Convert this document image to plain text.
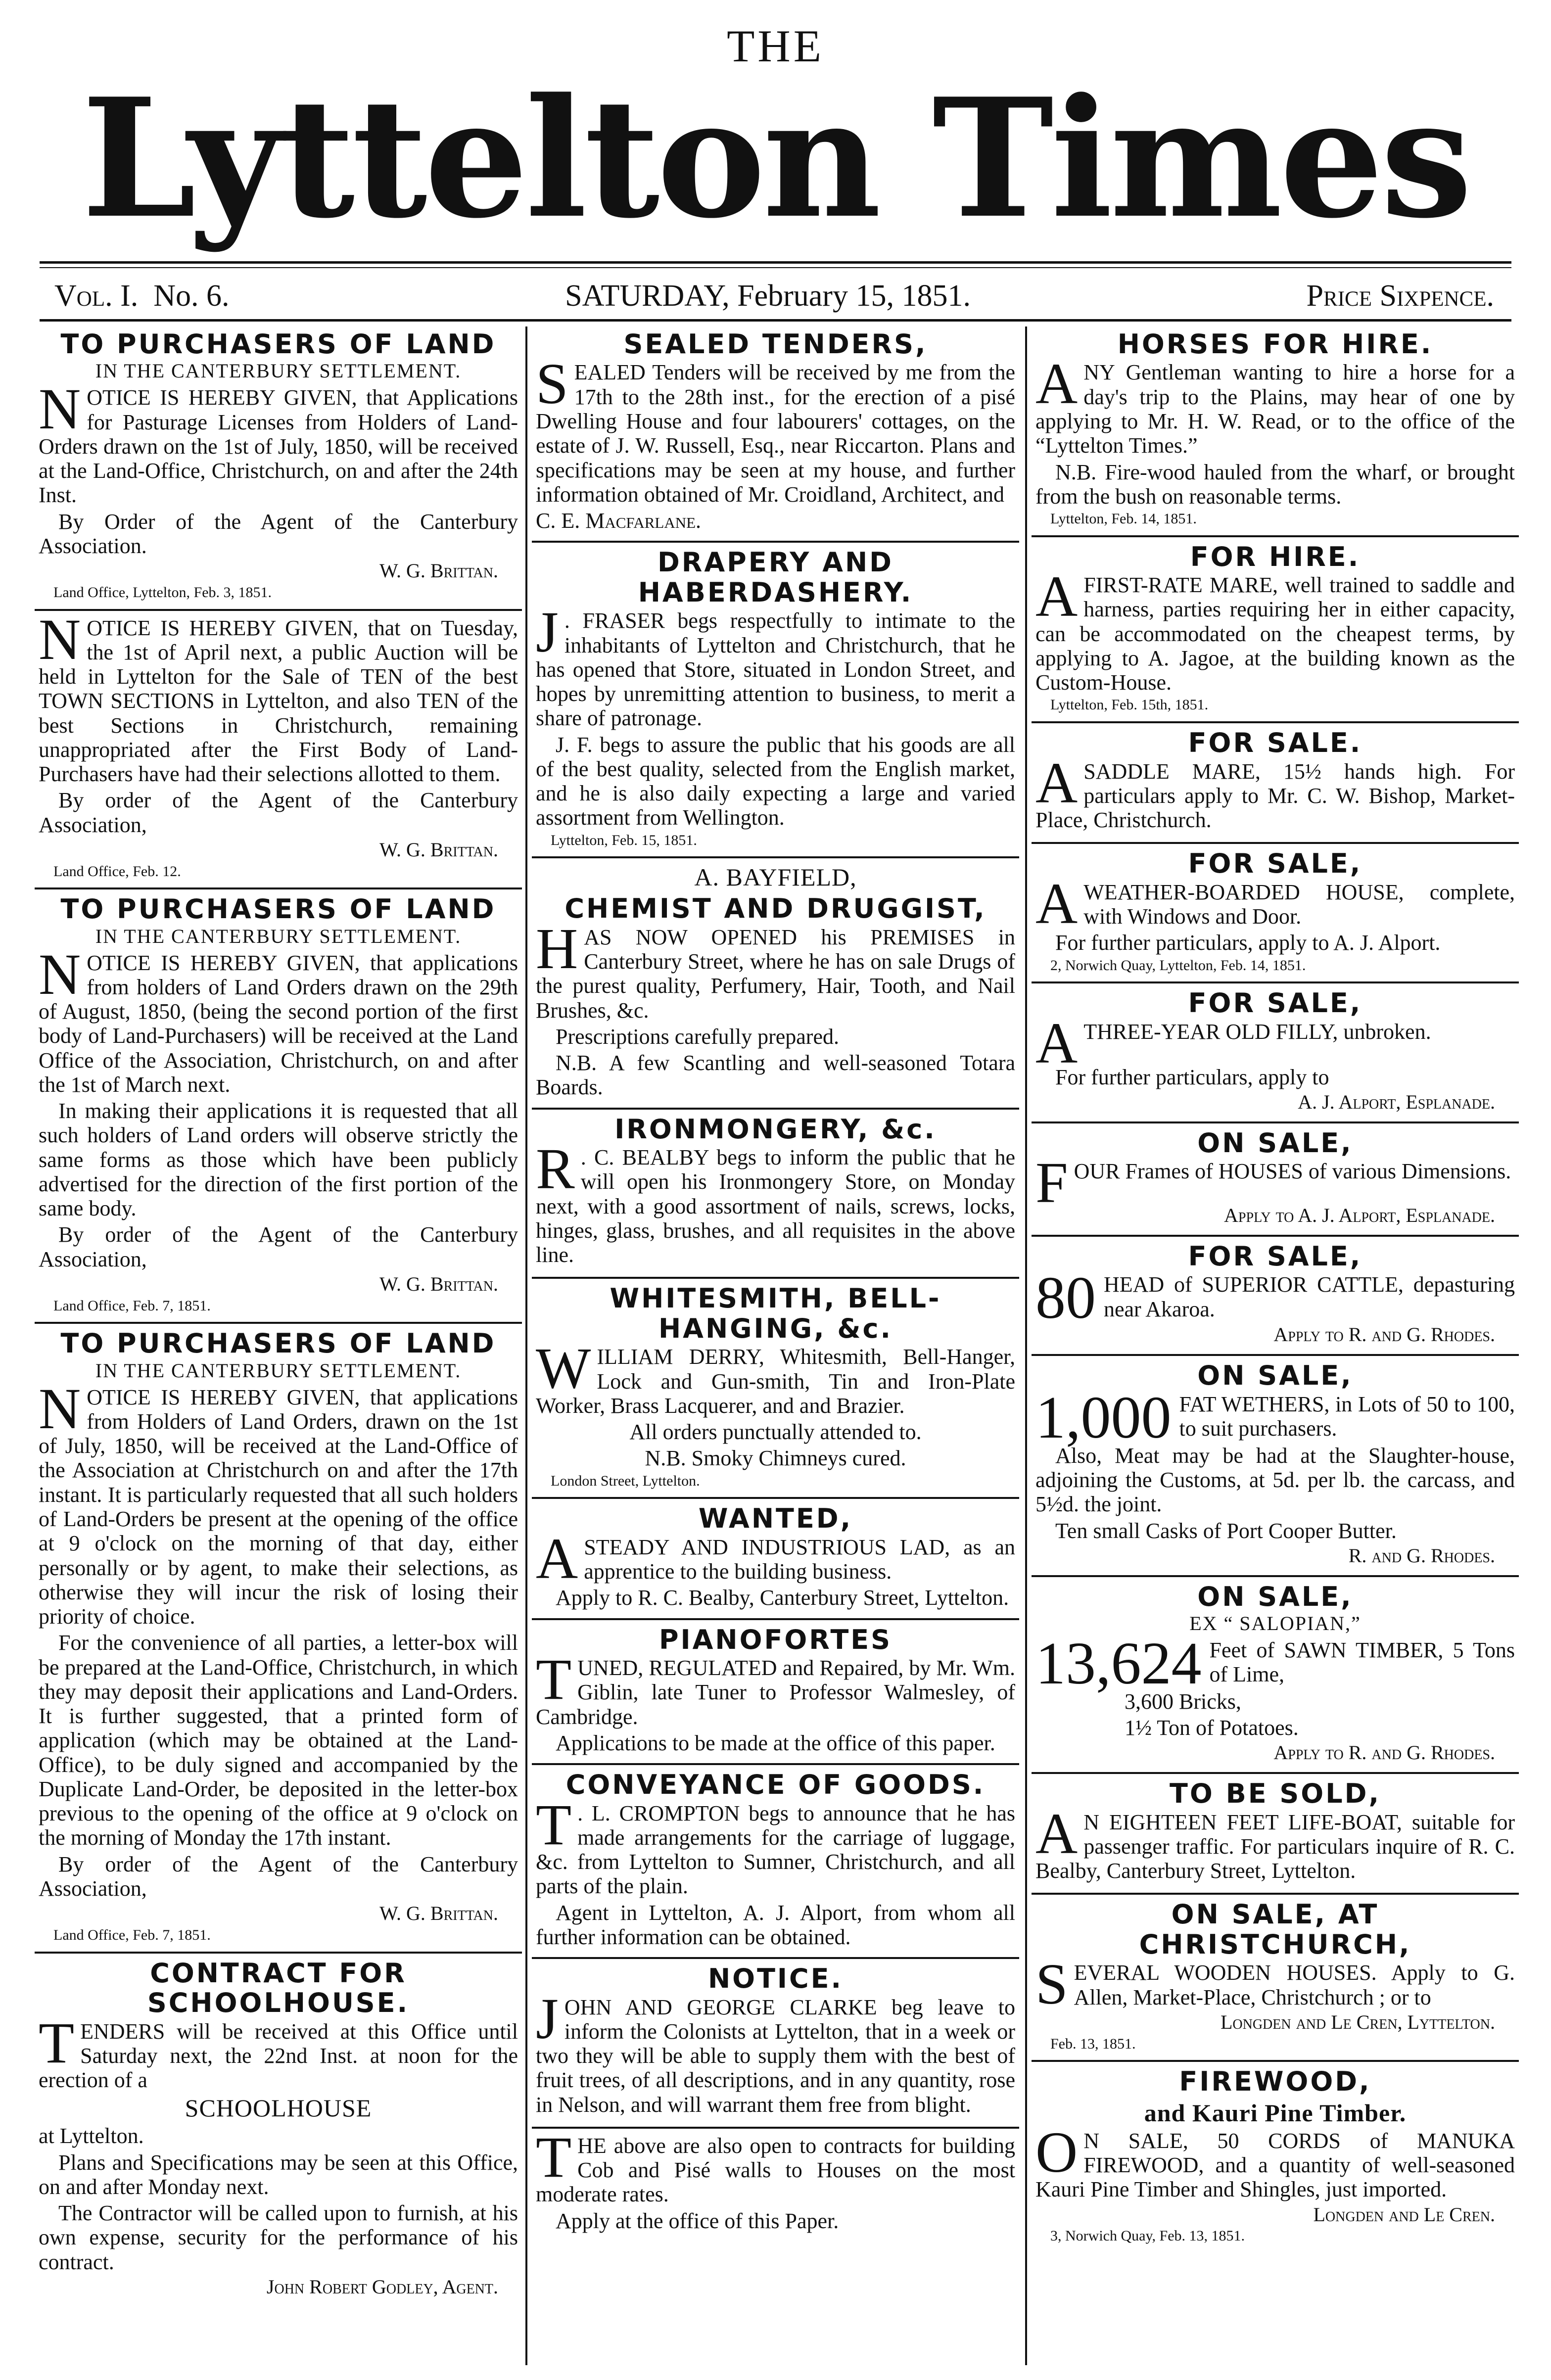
THE
Lyttelton Times
Vol. I. No. 6.	SATURDAY, February 15, 1851.	Price Sixpence.
TO PURCHASERS OF LAND
IN THE CANTERBURY SETTLEMENT.

NOTICE IS HEREBY GIVEN, that Applications for Pasturage Licenses from Holders of Land-Orders drawn on the 1st of July, 1850, will be received at the Land-Office, Christchurch, on and after the 24th Inst.

By Order of the Agent of the Canterbury Association.

W. G. Brittan.
Land Office, Lyttelton, Feb. 3, 1851.

NOTICE IS HEREBY GIVEN, that on Tuesday, the 1st of April next, a public Auction will be held in Lyttelton for the Sale of TEN of the best TOWN SECTIONS in Lyttelton, and also TEN of the best Sections in Christchurch, remaining unappropriated after the First Body of Land-Purchasers have had their selections allotted to them.

By order of the Agent of the Canterbury Association,

W. G. Brittan.
Land Office, Feb. 12.
TO PURCHASERS OF LAND
IN THE CANTERBURY SETTLEMENT.

NOTICE IS HEREBY GIVEN, that applications from holders of Land Orders drawn on the 29th of August, 1850, (being the second portion of the first body of Land-Purchasers) will be received at the Land Office of the Association, Christchurch, on and after the 1st of March next.

In making their applications it is requested that all such holders of Land orders will observe strictly the same forms as those which have been publicly advertised for the direction of the first portion of the same body.

By order of the Agent of the Canterbury Association,

W. G. Brittan.
Land Office, Feb. 7, 1851.
TO PURCHASERS OF LAND
IN THE CANTERBURY SETTLEMENT.

NOTICE IS HEREBY GIVEN, that applications from Holders of Land Orders, drawn on the 1st of July, 1850, will be received at the Land-Office of the Association at Christchurch on and after the 17th instant. It is particularly requested that all such holders of Land-Orders be present at the opening of the office at 9 o'clock on the morning of that day, either personally or by agent, to make their selections, as otherwise they will incur the risk of losing their priority of choice.

For the convenience of all parties, a letter-box will be prepared at the Land-Office, Christchurch, in which they may deposit their applications and Land-Orders. It is further suggested, that a printed form of application (which may be obtained at the Land-Office), to be duly signed and accompanied by the Duplicate Land-Order, be deposited in the letter-box previous to the opening of the office at 9 o'clock on the morning of Monday the 17th instant.

By order of the Agent of the Canterbury Association,

W. G. Brittan.
Land Office, Feb. 7, 1851.
CONTRACT FOR SCHOOLHOUSE.

TENDERS will be received at this Office until Saturday next, the 22nd Inst. at noon for the erection of a

SCHOOLHOUSE

at Lyttelton.

Plans and Specifications may be seen at this Office, on and after Monday next.

The Contractor will be called upon to furnish, at his own expense, security for the performance of his contract.

John Robert Godley, Agent.
SEALED TENDERS,

SEALED Tenders will be received by me from the 17th to the 28th inst., for the erection of a pisé Dwelling House and four labourers' cottages, on the estate of J. W. Russell, Esq., near Riccarton. Plans and specifications may be seen at my house, and further information obtained of Mr. Croidland, Architect, and

C. E. Macfarlane.
DRAPERY AND HABERDASHERY.

J . FRASER begs respectfully to intimate to the inhabitants of Lyttelton and Christchurch, that he has opened that Store, situated in London Street, and hopes by unremitting attention to business, to merit a share of patronage.

J. F. begs to assure the public that his goods are all of the best quality, selected from the English market, and he is also daily expecting a large and varied assortment from Wellington.

Lyttelton, Feb. 15, 1851.
A. BAYFIELD,
CHEMIST AND DRUGGIST,

HAS NOW OPENED his PREMISES in Canterbury Street, where he has on sale Drugs of the purest quality, Perfumery, Hair, Tooth, and Nail Brushes, &c.

Prescriptions carefully prepared.

N.B. A few Scantling and well-seasoned Totara Boards.

IRONMONGERY, &c.

R . C. BEALBY begs to inform the public that he will open his Ironmongery Store, on Monday next, with a good assortment of nails, screws, locks, hinges, glass, brushes, and all requisites in the above line.

WHITESMITH, BELL-HANGING, &c.

WILLIAM DERRY, Whitesmith, Bell-Hanger, Lock and Gun-smith, Tin and Iron-Plate Worker, Brass Lacquerer, and and Brazier.

All orders punctually attended to.

N.B. Smoky Chimneys cured.

London Street, Lyttelton.
WANTED,

ASTEADY AND INDUSTRIOUS LAD, as an apprentice to the building business.

Apply to R. C. Bealby, Canterbury Street, Lyttelton.

PIANOFORTES

TUNED, REGULATED and Repaired, by Mr. Wm. Giblin, late Tuner to Professor Walmesley, of Cambridge.

Applications to be made at the office of this paper.

CONVEYANCE OF GOODS.

T . L. CROMPTON begs to announce that he has made arrangements for the carriage of luggage, &c. from Lyttelton to Sumner, Christchurch, and all parts of the plain.

Agent in Lyttelton, A. J. Alport, from whom all further information can be obtained.

NOTICE.

JOHN AND GEORGE CLARKE beg leave to inform the Colonists at Lyttelton, that in a week or two they will be able to supply them with the best of fruit trees, of all descriptions, and in any quantity, rose in Nelson, and will warrant them free from blight.

THE above are also open to contracts for building Cob and Pisé walls to Houses on the most moderate rates.

Apply at the office of this Paper.

HORSES FOR HIRE.

ANY Gentleman wanting to hire a horse for a day's trip to the Plains, may hear of one by applying to Mr. H. W. Read, or to the office of the “Lyttelton Times.”

N.B. Fire-wood hauled from the wharf, or brought from the bush on reasonable terms.

Lyttelton, Feb. 14, 1851.
FOR HIRE.

AFIRST-RATE MARE, well trained to saddle and harness, parties requiring her in either capacity, can be accommodated on the cheapest terms, by applying to A. Jagoe, at the building known as the Custom-House.

Lyttelton, Feb. 15th, 1851.
FOR SALE.

ASADDLE MARE, 15½ hands high. For particulars apply to Mr. C. W. Bishop, Market-Place, Christchurch.

FOR SALE,

AWEATHER-BOARDED HOUSE, complete, with Windows and Door.

For further particulars, apply to A. J. Alport.

2, Norwich Quay, Lyttelton, Feb. 14, 1851.
FOR SALE,

ATHREE-YEAR OLD FILLY, unbroken.

For further particulars, apply to

A. J. Alport, Esplanade.
ON SALE,

FOUR Frames of HOUSES of various Dimensions.

Apply to A. J. Alport, Esplanade.
FOR SALE,

80 HEAD of SUPERIOR CATTLE, depasturing near Akaroa.

Apply to R. and G. Rhodes.
ON SALE,

1,000 FAT WETHERS, in Lots of 50 to 100, to suit purchasers.

Also, Meat may be had at the Slaughter-house, adjoining the Customs, at 5d. per lb. the carcass, and 5½d. the joint.

Ten small Casks of Port Cooper Butter.

R. and G. Rhodes.
ON SALE,
EX “ SALOPIAN,”

13,624 Feet of SAWN TIMBER, 5 Tons of Lime,

3,600 Bricks,

1½ Ton of Potatoes.

Apply to R. and G. Rhodes.
TO BE SOLD,

A N EIGHTEEN FEET LIFE-BOAT, suitable for passenger traffic. For particulars inquire of R. C. Bealby, Canterbury Street, Lyttelton.

ON SALE, AT CHRISTCHURCH,

SEVERAL WOODEN HOUSES. Apply to G. Allen, Market-Place, Christchurch ; or to

Longden and Le Cren, Lyttelton.
Feb. 13, 1851.
FIREWOOD,
and Kauri Pine Timber.

O N SALE, 50 CORDS of MANUKA FIREWOOD, and a quantity of well-seasoned Kauri Pine Timber and Shingles, just imported.

Longden and Le Cren.
3, Norwich Quay, Feb. 13, 1851.
